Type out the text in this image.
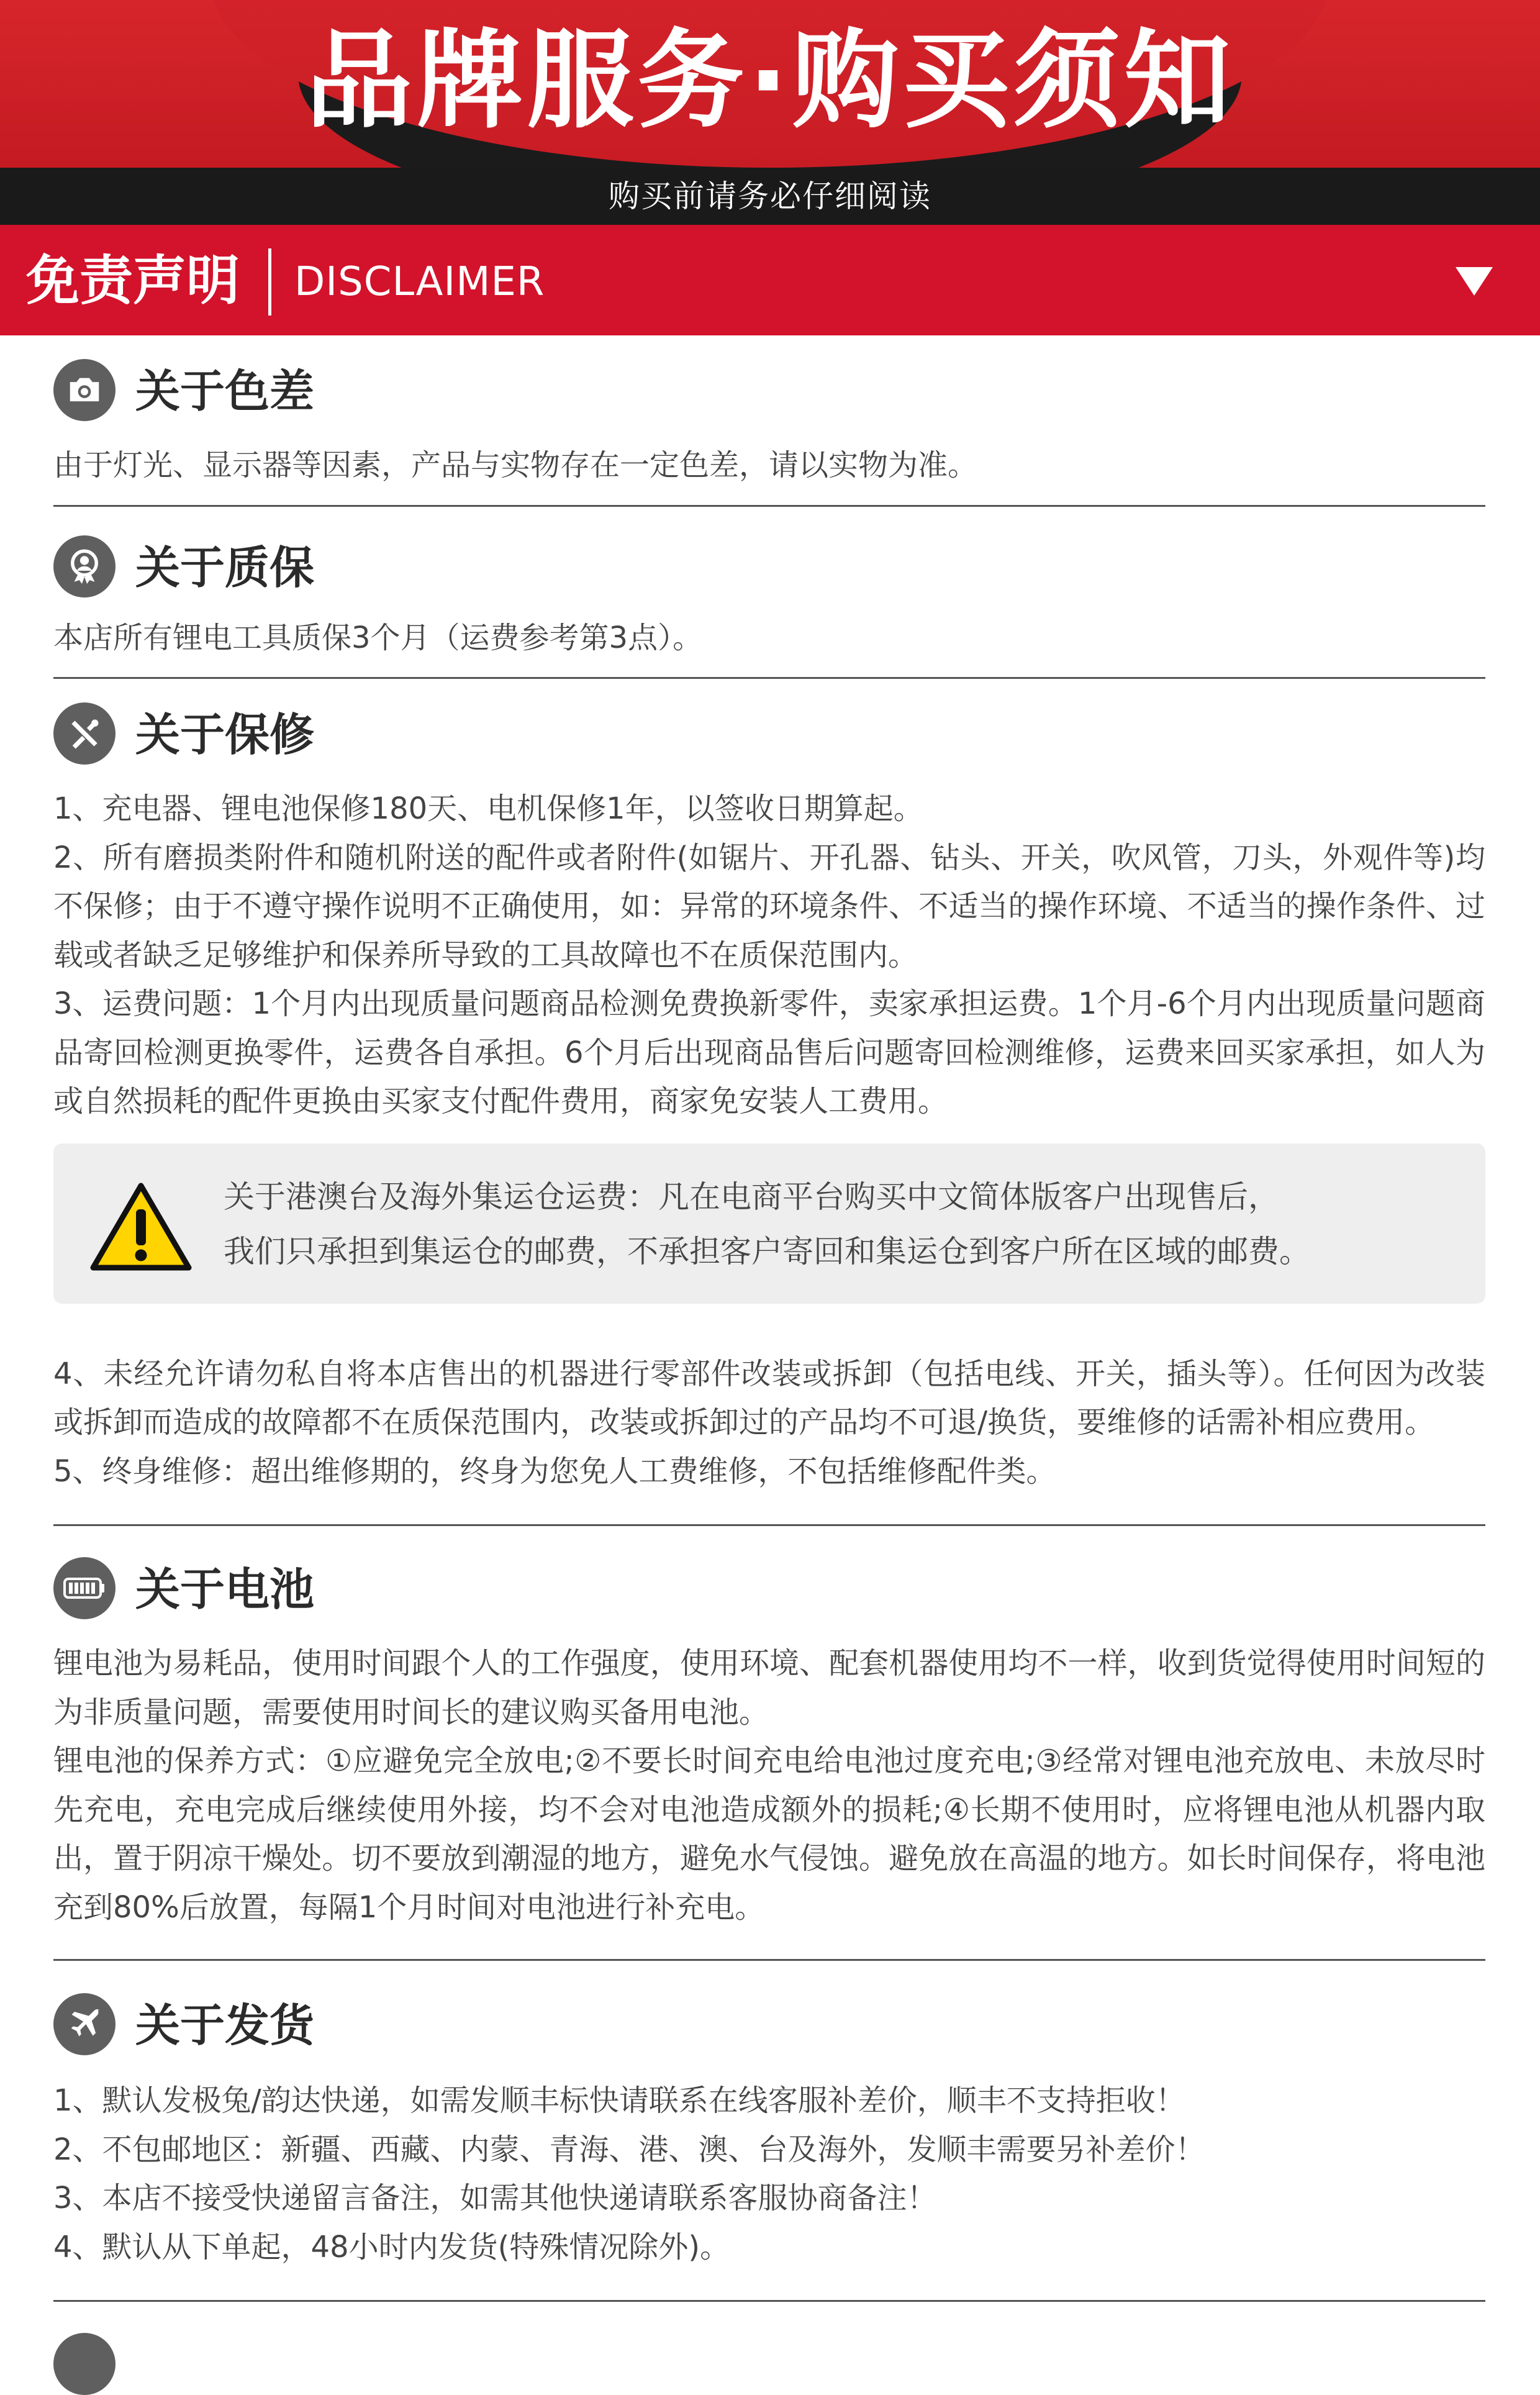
品牌服务·购买须知
购买前请务必仔细阅读
免责声明 DISCLAIMER
关于色差

由于灯光、显示器等因素，产品与实物存在一定色差，请以实物为准。

关于质保

本店所有锂电工具质保3个月（运费参考第3点）。

关于保修

1、充电器、锂电池保修180天、电机保修1年，以签收日期算起。

2、所有磨损类附件和随机附送的配件或者附件(如锯片、开孔器、钻头、开关，吹风管，刀头，外观件等)均不保修；由于不遵守操作说明不正确使用，如：异常的环境条件、不适当的操作环境、不适当的操作条件、过载或者缺乏足够维护和保养所导致的工具故障也不在质保范围内。

3、运费问题：1个月内出现质量问题商品检测免费换新零件，卖家承担运费。1个月-6个月内出现质量问题商品寄回检测更换零件，运费各自承担。6个月后出现商品售后问题寄回检测维修，运费来回买家承担，如人为或自然损耗的配件更换由买家支付配件费用，商家免安装人工费用。

关于港澳台及海外集运仓运费：凡在电商平台购买中文简体版客户出现售后，
我们只承担到集运仓的邮费，不承担客户寄回和集运仓到客户所在区域的邮费。

4、未经允许请勿私自将本店售出的机器进行零部件改装或拆卸（包括电线、开关，插头等）。任何因为改装或拆卸而造成的故障都不在质保范围内，改装或拆卸过的产品均不可退/换货，要维修的话需补相应费用。

5、终身维修：超出维修期的，终身为您免人工费维修，不包括维修配件类。

关于电池

锂电池为易耗品，使用时间跟个人的工作强度，使用环境、配套机器使用均不一样，收到货觉得使用时间短的为非质量问题，需要使用时间长的建议购买备用电池。

锂电池的保养方式：①应避免完全放电;②不要长时间充电给电池过度充电;③经常对锂电池充放电、未放尽时先充电，充电完成后继续使用外接，均不会对电池造成额外的损耗;④长期不使用时，应将锂电池从机器内取出，置于阴凉干燥处。切不要放到潮湿的地方，避免水气侵蚀。避免放在高温的地方。如长时间保存，将电池充到80%后放置，每隔1个月时间对电池进行补充电。

关于发货

1、默认发极兔/韵达快递，如需发顺丰标快请联系在线客服补差价，顺丰不支持拒收！

2、不包邮地区：新疆、西藏、内蒙、青海、港、澳、台及海外，发顺丰需要另补差价！

3、本店不接受快递留言备注，如需其他快递请联系客服协商备注！

4、默认从下单起，48小时内发货(特殊情况除外)。
